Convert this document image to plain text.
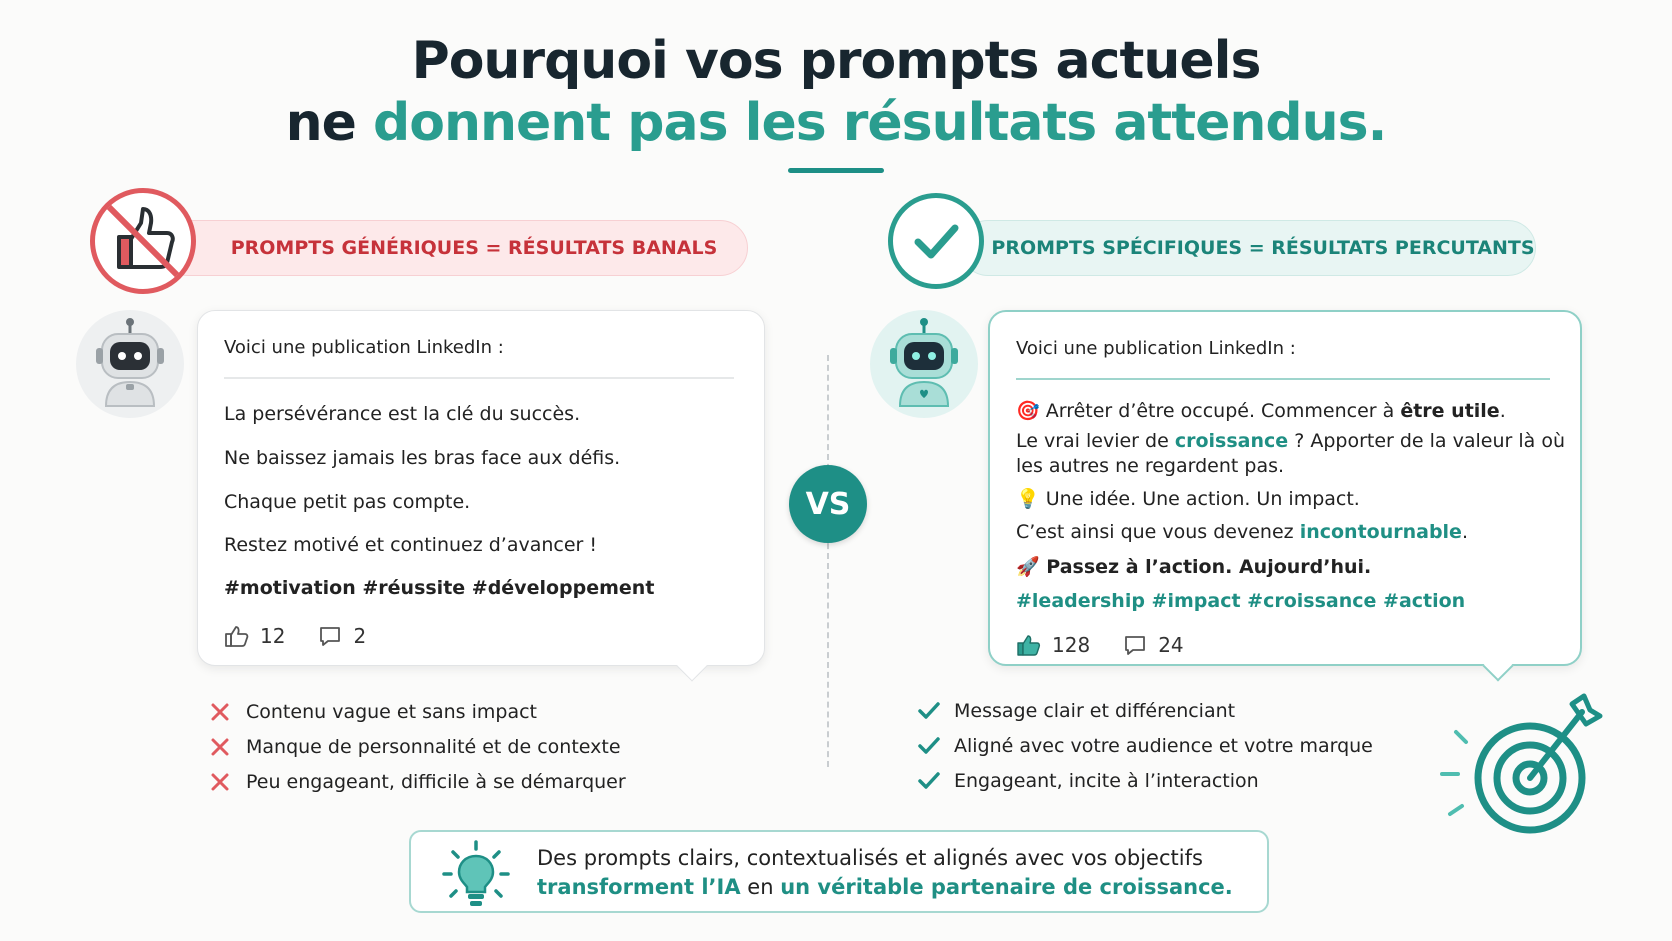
Pourquoi vos prompts actuels
ne donnent pas les résultats attendus.
PROMPTS GÉNÉRIQUES = RÉSULTATS BANALS	PROMPTS SPÉCIFIQUES = RÉSULTATS PERCUTANTS
Voici une publication LinkedIn :
La persévérance est la clé du succès.
Ne baissez jamais les bras face aux défis.
Chaque petit pas compte.
Restez motivé et continuez d’avancer !
#motivation #réussite #développement
12	2
Voici une publication LinkedIn :
🎯 Arrêter d’être occupé. Commencer à être utile.
Le vrai levier de croissance ? Apporter de la valeur là où
les autres ne regardent pas.
💡 Une idée. Une action. Un impact.
C’est ainsi que vous devenez incontournable.
🚀 Passez à l’action. Aujourd’hui.
#leadership #impact #croissance #action
128	24
VS
Contenu vague et sans impact
Manque de personnalité et de contexte
Peu engageant, difficile à se démarquer
Message clair et différenciant
Aligné avec votre audience et votre marque
Engageant, incite à l’interaction
Des prompts clairs, contextualisés et alignés avec vos objectifs
transforment l’IA en un véritable partenaire de croissance.
